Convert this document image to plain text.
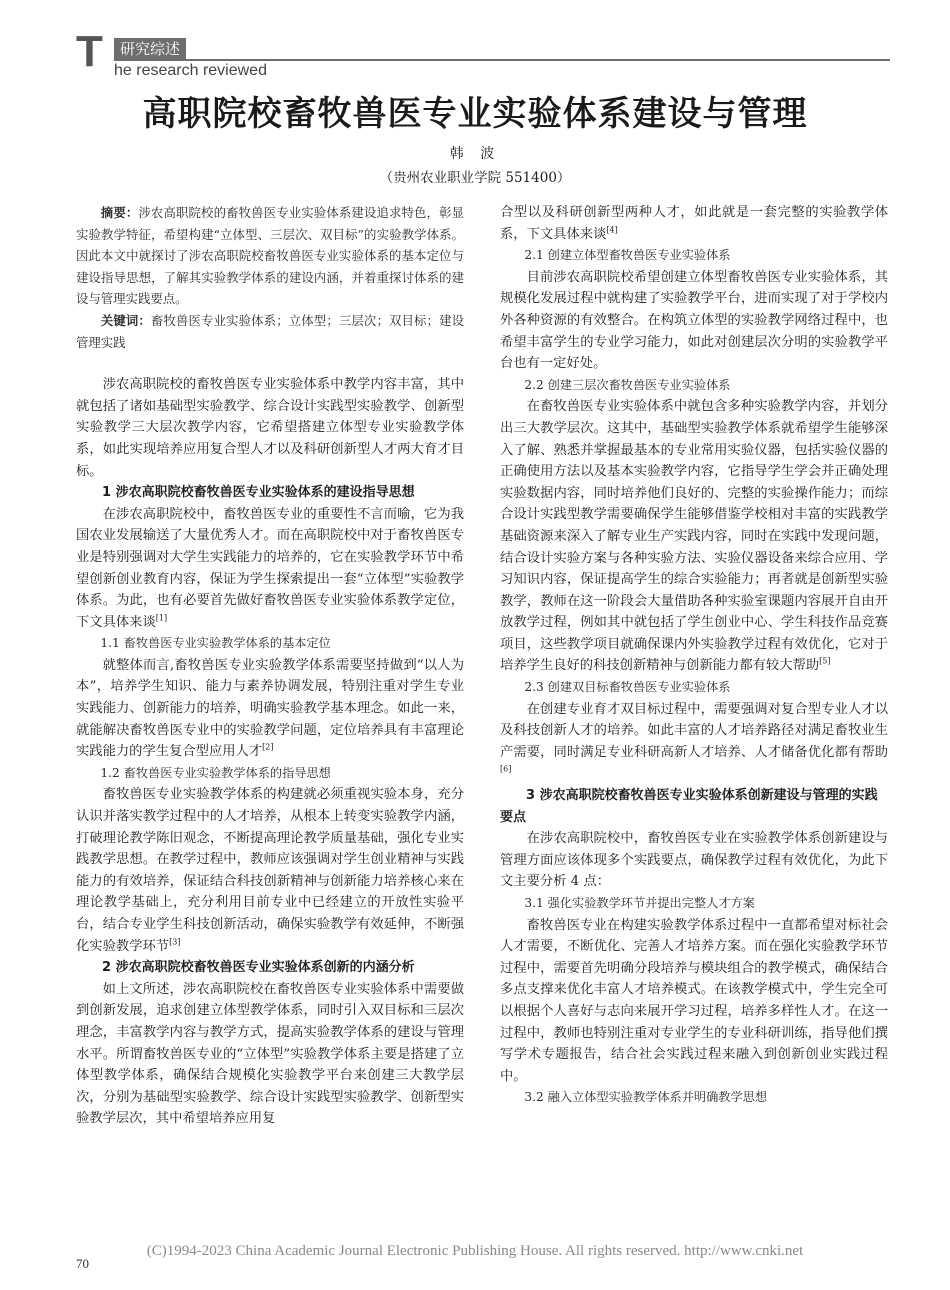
T	研究综述
he research reviewed
高职院校畜牧兽医专业实验体系建设与管理
韩 波
（贵州农业职业学院 551400）

摘要：涉农高职院校的畜牧兽医专业实验体系建设追求特色，彰显实验教学特征，希望构建“立体型、三层次、双目标”的实验教学体系。因此本文中就探讨了涉农高职院校畜牧兽医专业实验体系的基本定位与建设指导思想，了解其实验教学体系的建设内涵，并着重探讨体系的建设与管理实践要点。

关键词：畜牧兽医专业实验体系；立体型；三层次；双目标；建设管理实践

涉农高职院校的畜牧兽医专业实验体系中教学内容丰富，其中就包括了诸如基础型实验教学、综合设计实践型实验教学、创新型实验教学三大层次教学内容，它希望搭建立体型专业实验教学体系，如此实现培养应用复合型人才以及科研创新型人才两大育才目标。

1 涉农高职院校畜牧兽医专业实验体系的建设指导思想

在涉农高职院校中，畜牧兽医专业的重要性不言而喻，它为我国农业发展输送了大量优秀人才。而在高职院校中对于畜牧兽医专业是特别强调对大学生实践能力的培养的，它在实验教学环节中希望创新创业教育内容，保证为学生探索提出一套“立体型”实验教学体系。为此，也有必要首先做好畜牧兽医专业实验体系教学定位，下文具体来谈[1]

1.1 畜牧兽医专业实验教学体系的基本定位

就整体而言,畜牧兽医专业实验教学体系需要坚持做到“以人为本”，培养学生知识、能力与素养协调发展，特别注重对学生专业实践能力、创新能力的培养，明确实验教学基本理念。如此一来，就能解决畜牧兽医专业中的实验教学问题，定位培养具有丰富理论实践能力的学生复合型应用人才[2]

1.2 畜牧兽医专业实验教学体系的指导思想

畜牧兽医专业实验教学体系的构建就必须重视实验本身，充分认识并落实教学过程中的人才培养，从根本上转变实验教学内涵，打破理论教学陈旧观念，不断提高理论教学质量基础，强化专业实践教学思想。在教学过程中，教师应该强调对学生创业精神与实践能力的有效培养，保证结合科技创新精神与创新能力培养核心来在理论教学基础上，充分利用目前专业中已经建立的开放性实验平台，结合专业学生科技创新活动，确保实验教学有效延伸，不断强化实验教学环节[3]

2 涉农高职院校畜牧兽医专业实验体系创新的内涵分析

如上文所述，涉农高职院校在畜牧兽医专业实验体系中需要做到创新发展，追求创建立体型教学体系，同时引入双目标和三层次理念，丰富教学内容与教学方式，提高实验教学体系的建设与管理水平。所谓畜牧兽医专业的“立体型”实验教学体系主要是搭建了立体型教学体系，确保结合规模化实验教学平台来创建三大教学层次，分别为基础型实验教学、综合设计实践型实验教学、创新型实验教学层次，其中希望培养应用复

合型以及科研创新型两种人才，如此就是一套完整的实验教学体系，下文具体来谈[4]

2.1 创建立体型畜牧兽医专业实验体系

目前涉农高职院校希望创建立体型畜牧兽医专业实验体系，其规模化发展过程中就构建了实验教学平台，进而实现了对于学校内外各种资源的有效整合。在构筑立体型的实验教学网络过程中，也希望丰富学生的专业学习能力，如此对创建层次分明的实验教学平台也有一定好处。

2.2 创建三层次畜牧兽医专业实验体系

在畜牧兽医专业实验体系中就包含多种实验教学内容，并划分出三大教学层次。这其中，基础型实验教学体系就希望学生能够深入了解、熟悉并掌握最基本的专业常用实验仪器，包括实验仪器的正确使用方法以及基本实验教学内容，它指导学生学会并正确处理实验数据内容，同时培养他们良好的、完整的实验操作能力；而综合设计实践型教学需要确保学生能够借鉴学校相对丰富的实践教学基础资源来深入了解专业生产实践内容，同时在实践中发现问题，结合设计实验方案与各种实验方法、实验仪器设备来综合应用、学习知识内容，保证提高学生的综合实验能力；再者就是创新型实验教学，教师在这一阶段会大量借助各种实验室课题内容展开自由开放教学过程，例如其中就包括了学生创业中心、学生科技作品竞赛项目，这些教学项目就确保课内外实验教学过程有效优化，它对于培养学生良好的科技创新精神与创新能力都有较大帮助[5]

2.3 创建双目标畜牧兽医专业实验体系

在创建专业育才双目标过程中，需要强调对复合型专业人才以及科技创新人才的培养。如此丰富的人才培养路径对满足畜牧业生产需要，同时满足专业科研高新人才培养、人才储备优化都有帮助[6]

3 涉农高职院校畜牧兽医专业实验体系创新建设与管理的实践要点

在涉农高职院校中，畜牧兽医专业在实验教学体系创新建设与管理方面应该体现多个实践要点，确保教学过程有效优化，为此下文主要分析 4 点：

3.1 强化实验教学环节并提出完整人才方案

畜牧兽医专业在构建实验教学体系过程中一直都希望对标社会人才需要，不断优化、完善人才培养方案。而在强化实验教学环节过程中，需要首先明确分段培养与模块组合的教学模式，确保结合多点支撑来优化丰富人才培养模式。在该教学模式中，学生完全可以根据个人喜好与志向来展开学习过程，培养多样性人才。在这一过程中，教师也特别注重对专业学生的专业科研训练，指导他们撰写学术专题报告，结合社会实践过程来融入到创新创业实践过程中。

3.2 融入立体型实验教学体系并明确教学思想

(C)1994-2023 China Academic Journal Electronic Publishing House. All rights reserved. http://www.cnki.net
70
